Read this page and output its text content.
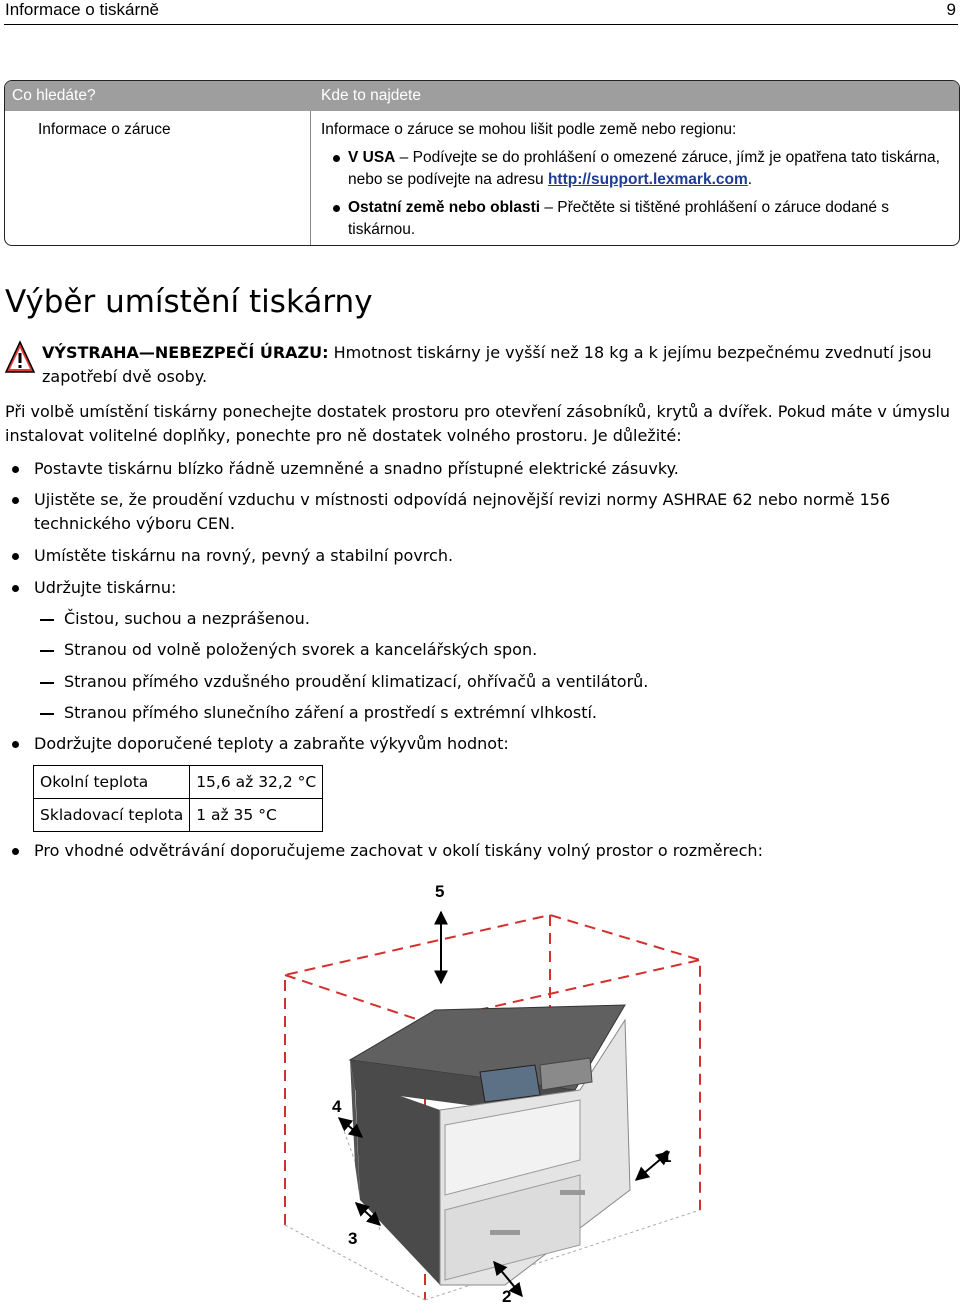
Informace o tiskárně	9
Co hledáte?	Kde to najdete
Informace o záruce	Informace o záruce se mohou lišit podle země nebo regionu:
V USA – Podívejte se do prohlášení o omezené záruce, jímž je opatřena tato tiskárna, nebo se podívejte na adresu http://support.lexmark.com.
Ostatní země nebo oblasti – Přečtěte si tištěné prohlášení o záruce dodané s tiskárnou.
Výběr umístění tiskárny
VÝSTRAHA—NEBEZPEČÍ ÚRAZU: Hmotnost tiskárny je vyšší než 18 kg a k jejímu bezpečnému zvednutí jsou zapotřebí dvě osoby.
Při volbě umístění tiskárny ponechejte dostatek prostoru pro otevření zásobníků, krytů a dvířek. Pokud máte v úmyslu instalovat volitelné doplňky, ponechte pro ně dostatek volného prostoru. Je důležité:
Postavte tiskárnu blízko řádně uzemněné a snadno přístupné elektrické zásuvky.
Ujistěte se, že proudění vzduchu v místnosti odpovídá nejnovější revizi normy ASHRAE 62 nebo normě 156 technického výboru CEN.
Umístěte tiskárnu na rovný, pevný a stabilní povrch.
Udržujte tiskárnu:
Čistou, suchou a nezprášenou.
Stranou od volně položených svorek a kancelářských spon.
Stranou přímého vzdušného proudění klimatizací, ohřívačů a ventilátorů.
Stranou přímého slunečního záření a prostředí s extrémní vlhkostí.
Dodržujte doporučené teploty a zabraňte výkyvům hodnot:
Okolní teplota	15,6 až 32,2 °C
Skladovací teplota	1 až 35 °C
Pro vhodné odvětrávání doporučujeme zachovat v okolí tiskány volný prostor o rozměrech:
5
1
2
3
4
